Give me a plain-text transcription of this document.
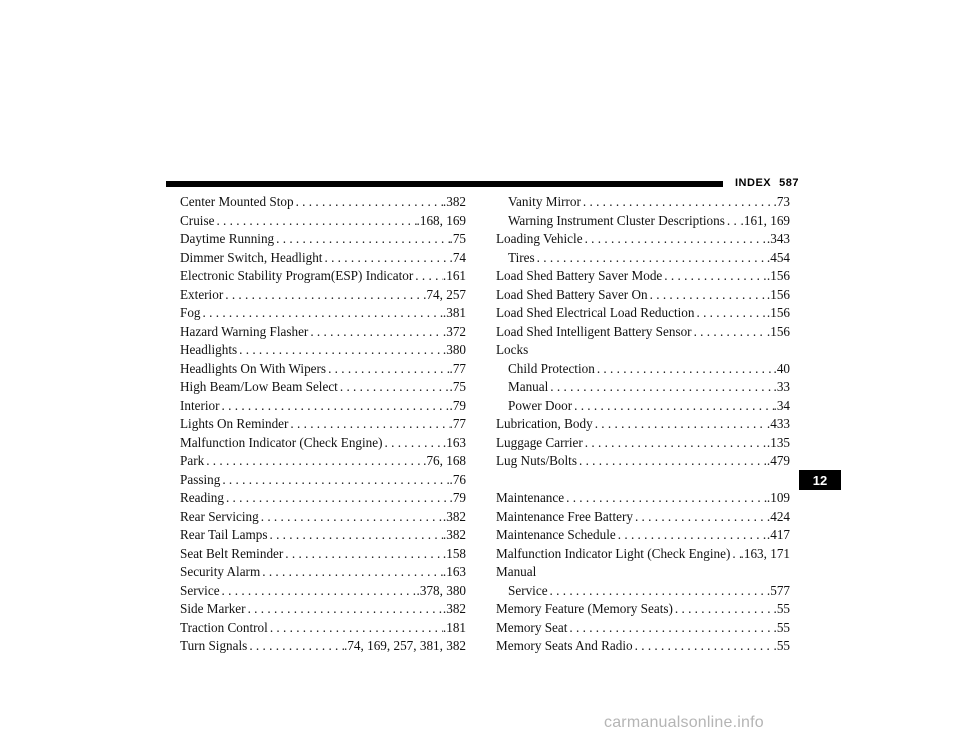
INDEX 587
Center Mounted Stop . . .	.382
Cruise . . .	.168, 169
Daytime Running . . .	.75
Dimmer Switch, Headlight . . .	.74
Electronic Stability Program(ESP) Indicator . . . .161
Exterior . . .	.74, 257
Fog . . .	.381
Hazard Warning Flasher . . .	.372
Headlights . . .	.380
Headlights On With Wipers . . .	.77
High Beam/Low Beam Select . . .	.75
Interior . . .	.79
Lights On Reminder . . .	.77
Malfunction Indicator (Check Engine) . . .	.163
Park . . .	.76, 168
Passing . . .	.76
Reading . . .	.79
Rear Servicing . . .	.382
Rear Tail Lamps . . .	.382
Seat Belt Reminder . . .	.158
Security Alarm . . .	.163
Service . . .	.378, 380
Side Marker . . .	.382
Traction Control . . .	.181
Turn Signals . . .	.74, 169, 257, 381, 382
Vanity Mirror . . .	.73
Warning Instrument Cluster Descriptions . . . .161, 169
Loading Vehicle . . .	.343
Tires . . .	.454
Load Shed Battery Saver Mode . . .	.156
Load Shed Battery Saver On . . .	.156
Load Shed Electrical Load Reduction . . .	.156
Load Shed Intelligent Battery Sensor . . .	.156
Locks
Child Protection . . .	.40
Manual . . .	.33
Power Door . . .	.34
Lubrication, Body . . .	.433
Luggage Carrier . . .	.135
Lug Nuts/Bolts . . .	.479
Maintenance . . .	.109
Maintenance Free Battery . . .	.424
Maintenance Schedule . . .	.417
Malfunction Indicator Light (Check Engine) . . . .163, 171
Manual
Service . . .	.577
Memory Feature (Memory Seats) . . .	.55
Memory Seat . . .	.55
Memory Seats And Radio . . .	.55
12
carmanualsonline.info
